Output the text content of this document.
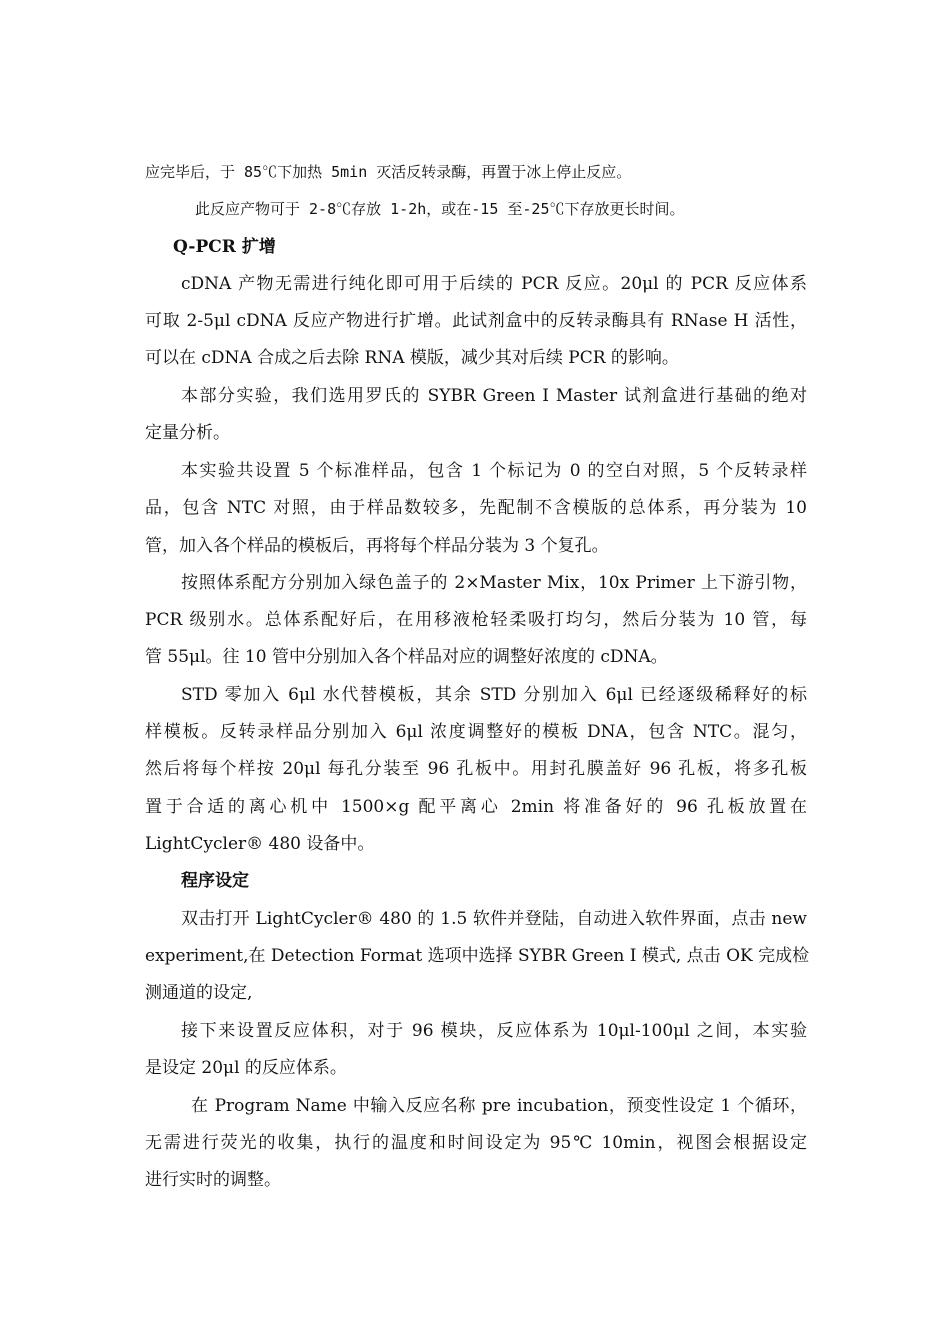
应完毕后，于 85℃下加热 5min 灭活反转录酶，再置于冰上停止反应。
此反应产物可于 2-8℃存放 1-2h，或在-15 至-25℃下存放更长时间。
Q-PCR 扩增
cDNA 产物无需进行纯化即可用于后续的 PCR 反应。20μl 的 PCR 反应体系
可取 2-5μl cDNA 反应产物进行扩增。此试剂盒中的反转录酶具有 RNase H 活性，
可以在 cDNA 合成之后去除 RNA 模版，减少其对后续 PCR 的影响。
本部分实验，我们选用罗氏的 SYBR Green I Master 试剂盒进行基础的绝对
定量分析。
本实验共设置 5 个标准样品，包含 1 个标记为 0 的空白对照，5 个反转录样
品，包含 NTC 对照，由于样品数较多，先配制不含模版的总体系，再分装为 10
管，加入各个样品的模板后，再将每个样品分装为 3 个复孔。
按照体系配方分别加入绿色盖子的 2×Master Mix，10x Primer 上下游引物，
PCR 级别水。总体系配好后，在用移液枪轻柔吸打均匀，然后分装为 10 管，每
管 55μl。往 10 管中分别加入各个样品对应的调整好浓度的 cDNA。
STD 零加入 6μl 水代替模板，其余 STD 分别加入 6μl 已经逐级稀释好的标
样模板。反转录样品分别加入 6μl 浓度调整好的模板 DNA，包含 NTC。混匀，
然后将每个样按 20μl 每孔分装至 96 孔板中。用封孔膜盖好 96 孔板，将多孔板
置于合适的离心机中 1500×g 配平离心 2min 将准备好的 96 孔板放置在
LightCycler® 480 设备中。
程序设定
双击打开 LightCycler® 480 的 1.5 软件并登陆，自动进入软件界面，点击 new
experiment,在 Detection Format 选项中选择 SYBR Green I 模式, 点击 OK 完成检
测通道的设定,
接下来设置反应体积，对于 96 模块，反应体系为 10μl-100μl 之间，本实验
是设定 20μl 的反应体系。
在 Program Name 中输入反应名称 pre incubation，预变性设定 1 个循环，
无需进行荧光的收集，执行的温度和时间设定为 95℃ 10min，视图会根据设定
进行实时的调整。
